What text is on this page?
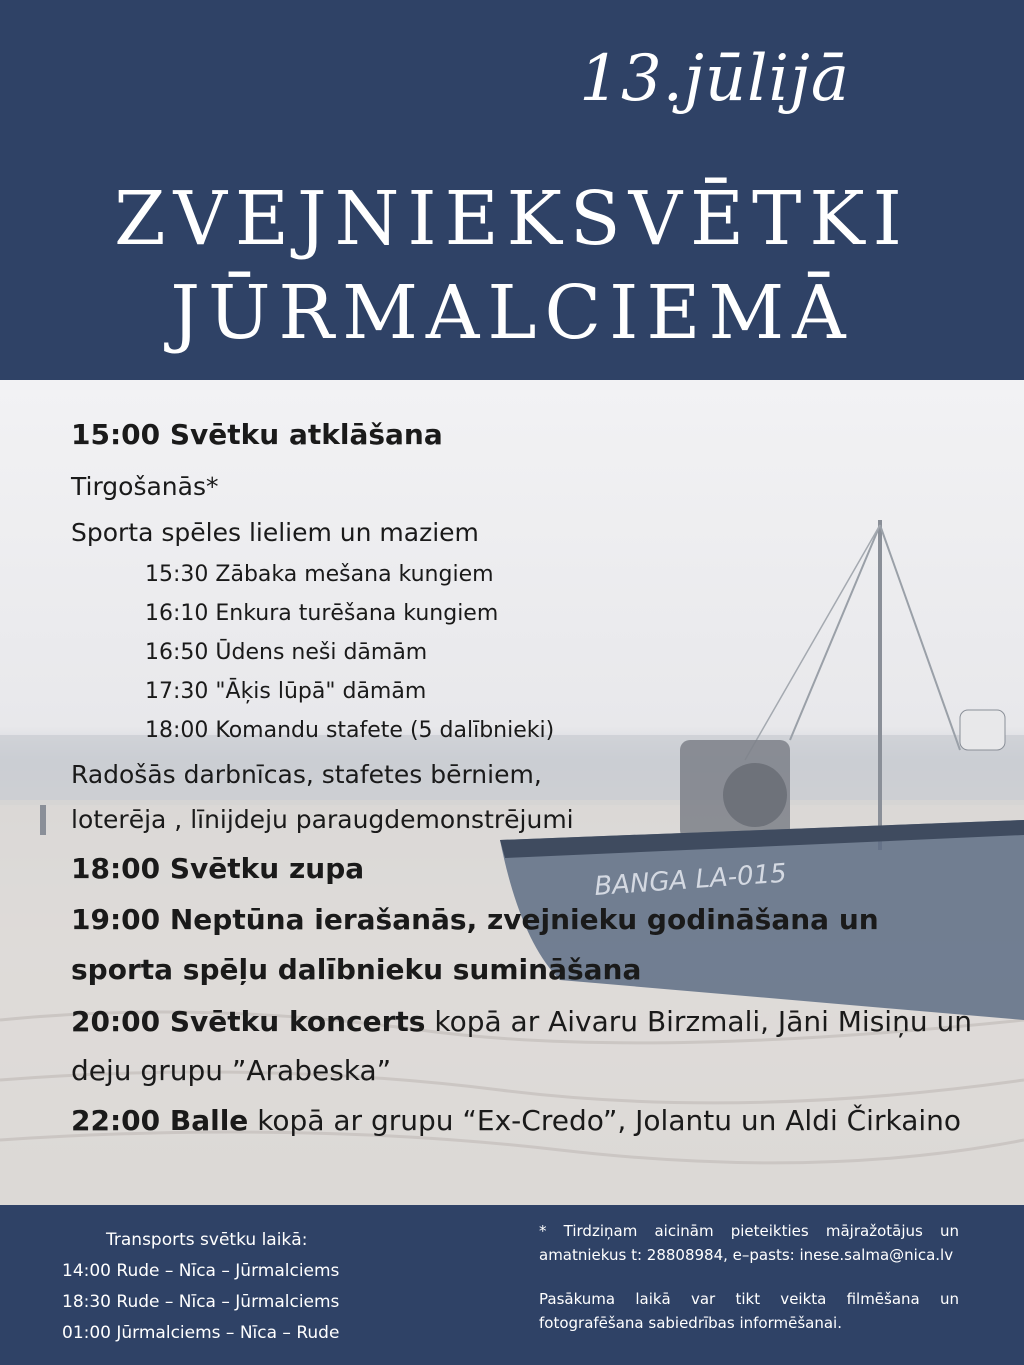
13.jūlijā
ZVEJNIEKSVĒTKI
JŪRMALCIEMĀ
BANGA LA-015
15:00 Svētku atklāšana
Tirgošanās*
Sporta spēles lieliem un maziem
15:30 Zābaka mešana kungiem
16:10 Enkura turēšana kungiem
16:50 Ūdens neši dāmām
17:30 "Āķis lūpā" dāmām
18:00 Komandu stafete (5 dalībnieki)
Radošās darbnīcas, stafetes bērniem,
loterēja , līnijdeju paraugdemonstrējumi
18:00 Svētku zupa
19:00 Neptūna ierašanās, zvejnieku godināšana un
sporta spēļu dalībnieku sumināšana
20:00 Svētku koncerts kopā ar Aivaru Birzmali, Jāni Misiņu un
deju grupu ”Arabeska”
22:00 Balle kopā ar grupu “Ex-Credo”, Jolantu un Aldi Čirkaino
Transports svētku laikā:
14:00 Rude – Nīca – Jūrmalciems
18:30 Rude – Nīca – Jūrmalciems
01:00 Jūrmalciems – Nīca – Rude
* Tirdziņam aicinām pieteikties mājražotājus un amatniekus t: 28808984, e–pasts: inese.salma@nica.lv
Pasākuma laikā var tikt veikta filmēšana un fotografēšana sabiedrības informēšanai.
